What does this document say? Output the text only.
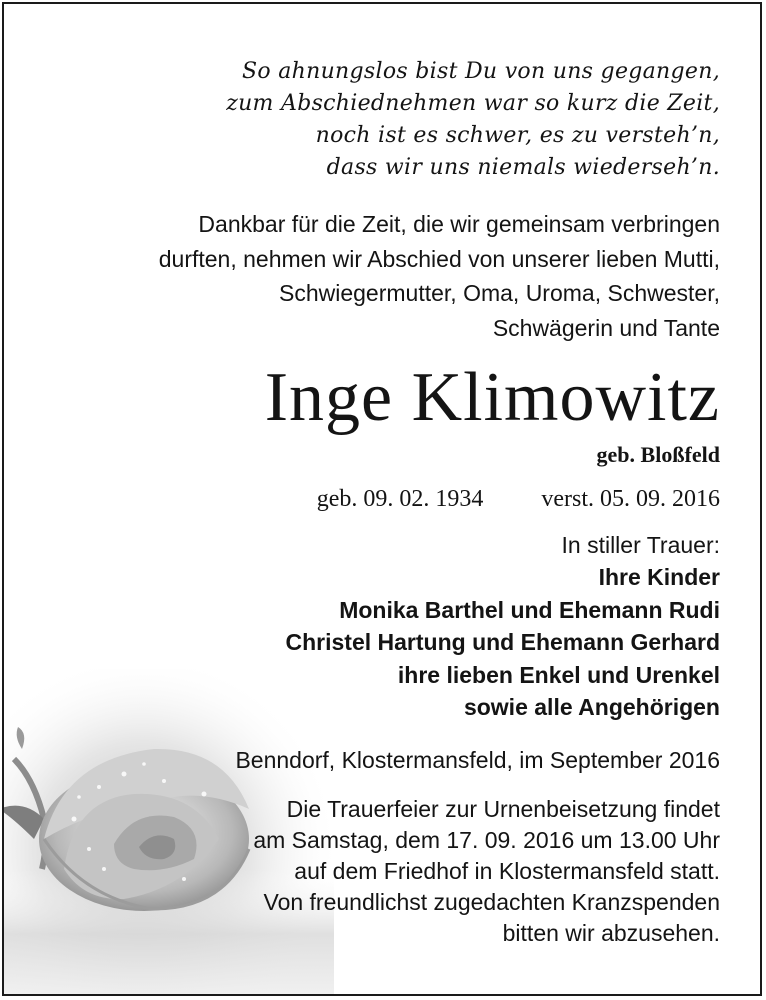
So ahnungslos bist Du von uns gegangen,
zum Abschiednehmen war so kurz die Zeit,
noch ist es schwer, es zu versteh’n,
dass wir uns niemals wiederseh’n.
Dankbar für die Zeit, die wir gemeinsam verbringen
durften, nehmen wir Abschied von unserer lieben Mutti,
Schwiegermutter, Oma, Uroma, Schwester,
Schwägerin und Tante
Inge Klimowitz
geb. Bloßfeld
geb. 09. 02. 1934 verst. 05. 09. 2016
In stiller Trauer:
Ihre Kinder
Monika Barthel und Ehemann Rudi
Christel Hartung und Ehemann Gerhard
ihre lieben Enkel und Urenkel
sowie alle Angehörigen
Benndorf, Klostermansfeld, im September 2016
Die Trauerfeier zur Urnenbeisetzung findet
am Samstag, dem 17. 09. 2016 um 13.00 Uhr
auf dem Friedhof in Klostermansfeld statt.
Von freundlichst zugedachten Kranzspenden
bitten wir abzusehen.
